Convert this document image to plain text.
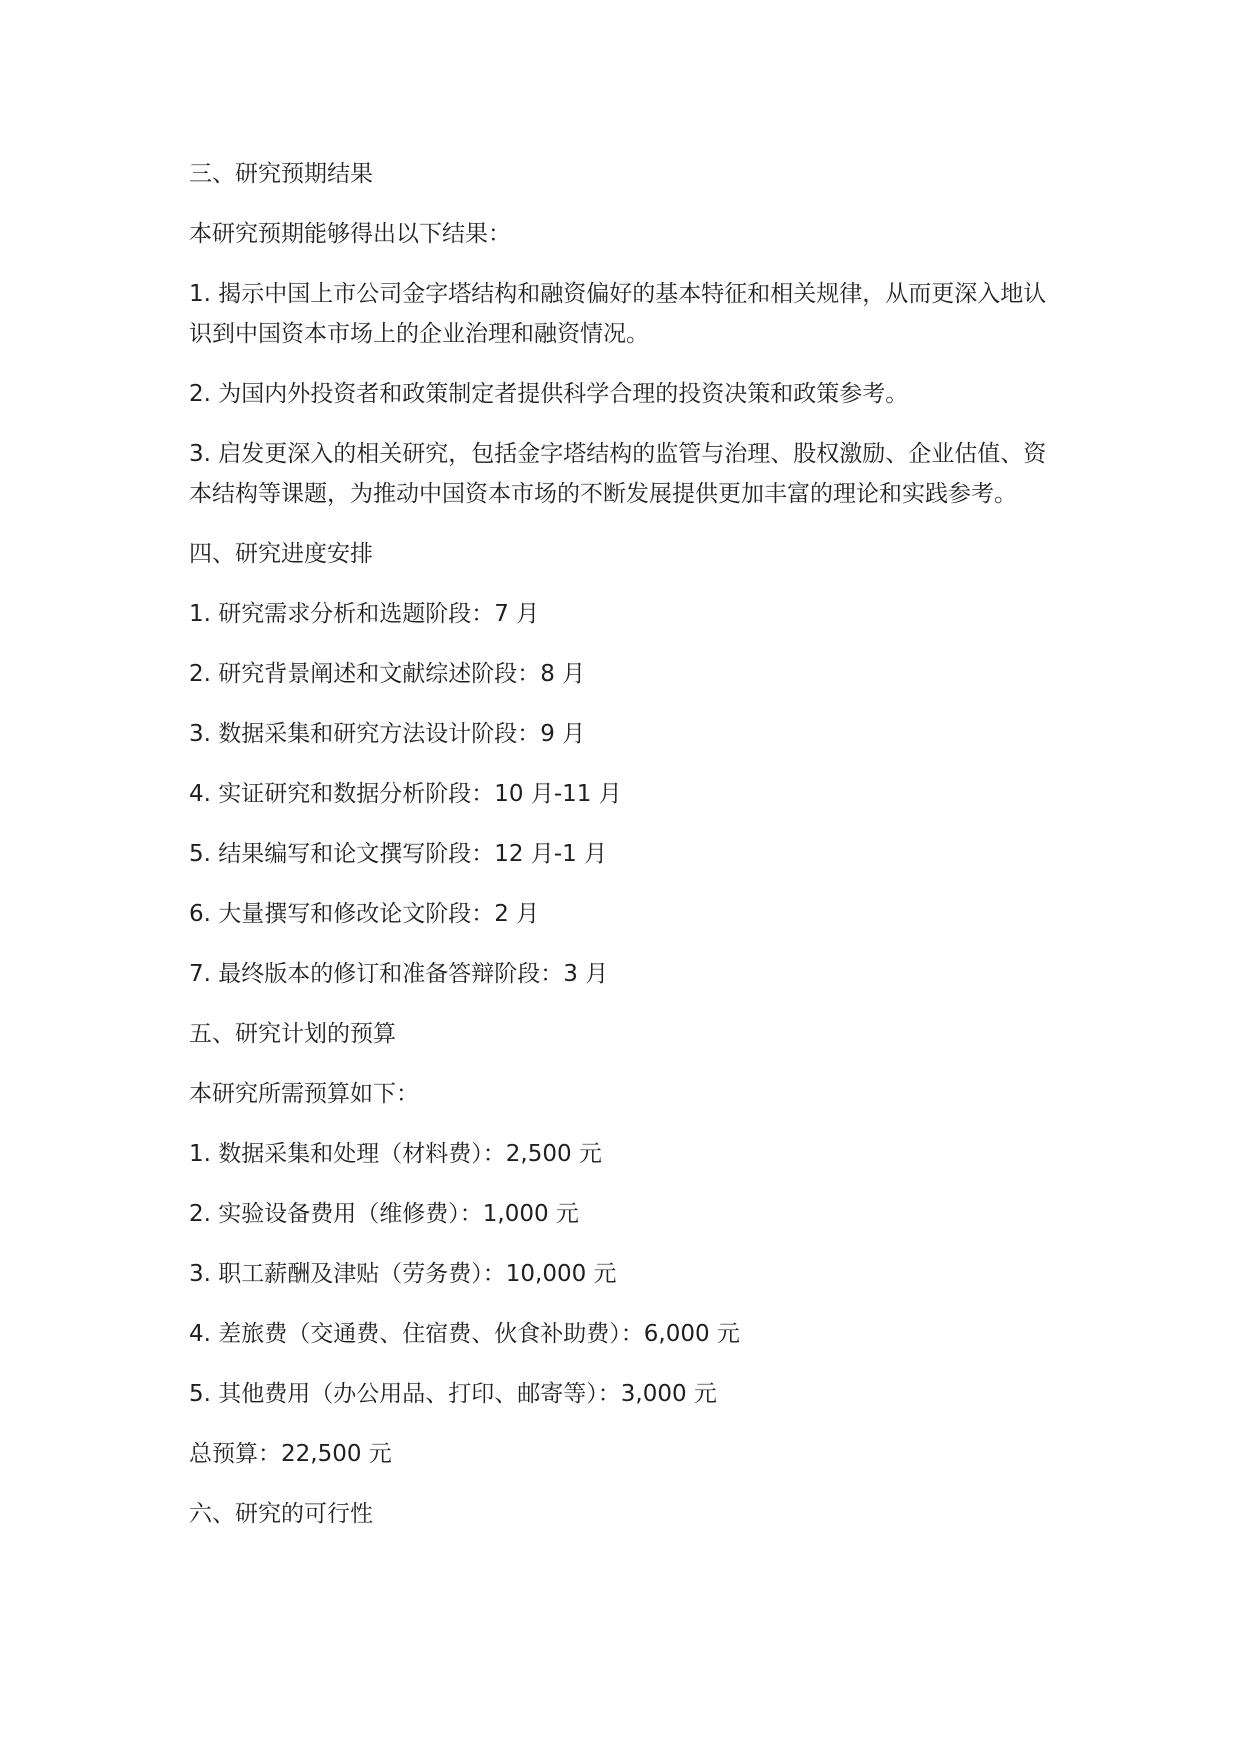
三、研究预期结果

本研究预期能够得出以下结果：

1. 揭示中国上市公司金字塔结构和融资偏好的基本特征和相关规律，从而更深入地认识到中国资本市场上的企业治理和融资情况。

2. 为国内外投资者和政策制定者提供科学合理的投资决策和政策参考。

3. 启发更深入的相关研究，包括金字塔结构的监管与治理、股权激励、企业估值、资本结构等课题，为推动中国资本市场的不断发展提供更加丰富的理论和实践参考。

四、研究进度安排

1. 研究需求分析和选题阶段：7 月

2. 研究背景阐述和文献综述阶段：8 月

3. 数据采集和研究方法设计阶段：9 月

4. 实证研究和数据分析阶段：10 月-11 月

5. 结果编写和论文撰写阶段：12 月-1 月

6. 大量撰写和修改论文阶段：2 月

7. 最终版本的修订和准备答辩阶段：3 月

五、研究计划的预算

本研究所需预算如下：

1. 数据采集和处理（材料费）：2,500 元

2. 实验设备费用（维修费）：1,000 元

3. 职工薪酬及津贴（劳务费）：10,000 元

4. 差旅费（交通费、住宿费、伙食补助费）：6,000 元

5. 其他费用（办公用品、打印、邮寄等）：3,000 元

总预算：22,500 元

六、研究的可行性
